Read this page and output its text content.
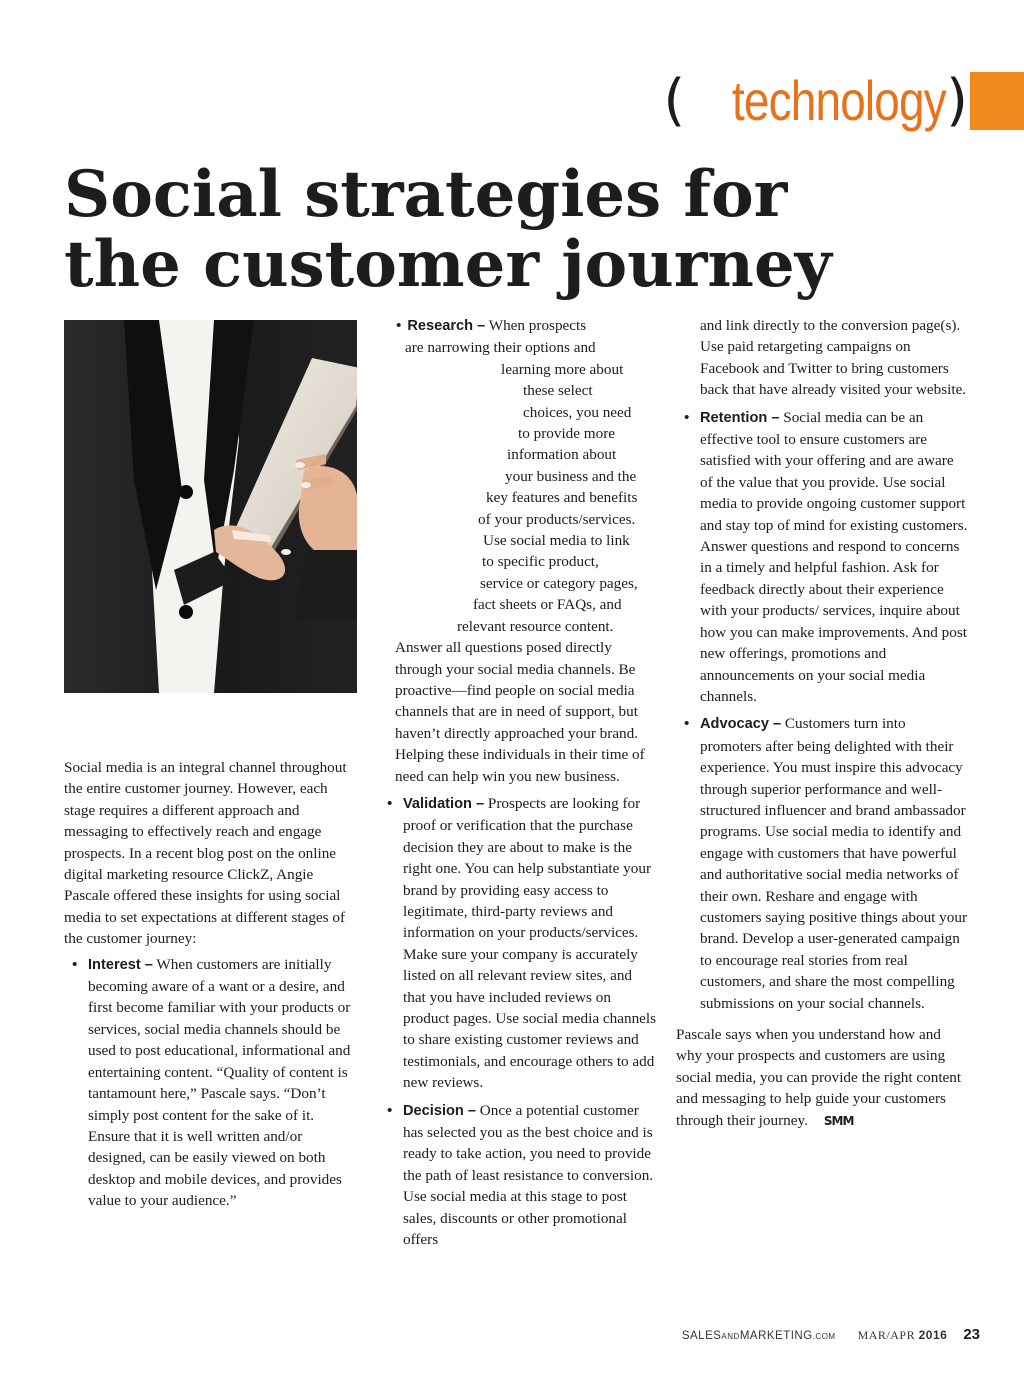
( technology )
Social strategies for
the customer journey

Social media is an integral channel throughout the entire customer journey. However, each stage requires a different approach and messaging to effectively reach and engage prospects. In a recent blog post on the online digital marketing resource ClickZ, Angie Pascale offered these insights for using social media to set expectations at different stages of the customer journey:

• Interest – When customers are initially becoming aware of a want or a desire, and first become familiar with your products or services, social media channels should be used to post educational, informational and entertaining content. “Quality of content is tantamount here,” Pascale says. “Don’t simply post content for the sake of it. Ensure that it is well written and/or designed, can be easily viewed on both desktop and mobile devices, and provides value to your audience.”
• Research – When prospects
are narrowing their options and
learning more about
these select
choices, you need
to provide more
information about
your business and the
key features and benefits
of your products/services.
Use social media to link
to specific product,
service or category pages,
fact sheets or FAQs, and
relevant resource content.

Answer all questions posed directly through your social media channels. Be proactive—find people on social media channels that are in need of support, but haven’t directly approached your brand. Helping these individuals in their time of need can help win you new business.

• Validation – Prospects are looking for proof or verification that the purchase decision they are about to make is the right one. You can help substantiate your brand by providing easy access to legitimate, third-party reviews and information on your products/services. Make sure your company is accurately listed on all relevant review sites, and that you have included reviews on product pages. Use social media channels to share existing customer reviews and testimonials, and encourage others to add new reviews.
• Decision – Once a potential customer has selected you as the best choice and is ready to take action, you need to provide the path of least resistance to conversion. Use social media at this stage to post sales, discounts or other promotional offers

and link directly to the conversion page(s). Use paid retargeting campaigns on Facebook and Twitter to bring customers back that have already visited your website.

• Retention – Social media can be an effective tool to ensure customers are satisfied with your offering and are aware of the value that you provide. Use social media to provide ongoing customer support and stay top of mind for existing customers. Answer questions and respond to concerns in a timely and helpful fashion. Ask for feedback directly about their experience with your products/ services, inquire about how you can make improvements. And post new offerings, promotions and announcements on your social media channels.
• Advocacy – Customers turn into promoters after being delighted with their experience. You must inspire this advocacy through superior performance and well-structured influencer and brand ambassador programs. Use social media to identify and engage with customers that have powerful and authoritative social media networks of their own. Reshare and engage with customers saying positive things about your brand. Develop a user-generated campaign to encourage real stories from real customers, and share the most compelling submissions on your social channels.

Pascale says when you understand how and why your prospects and customers are using social media, you can provide the right content and messaging to help guide your customers through their journey. SMM

SALESANDMARKETING.COM MAR/APR 2016 23
